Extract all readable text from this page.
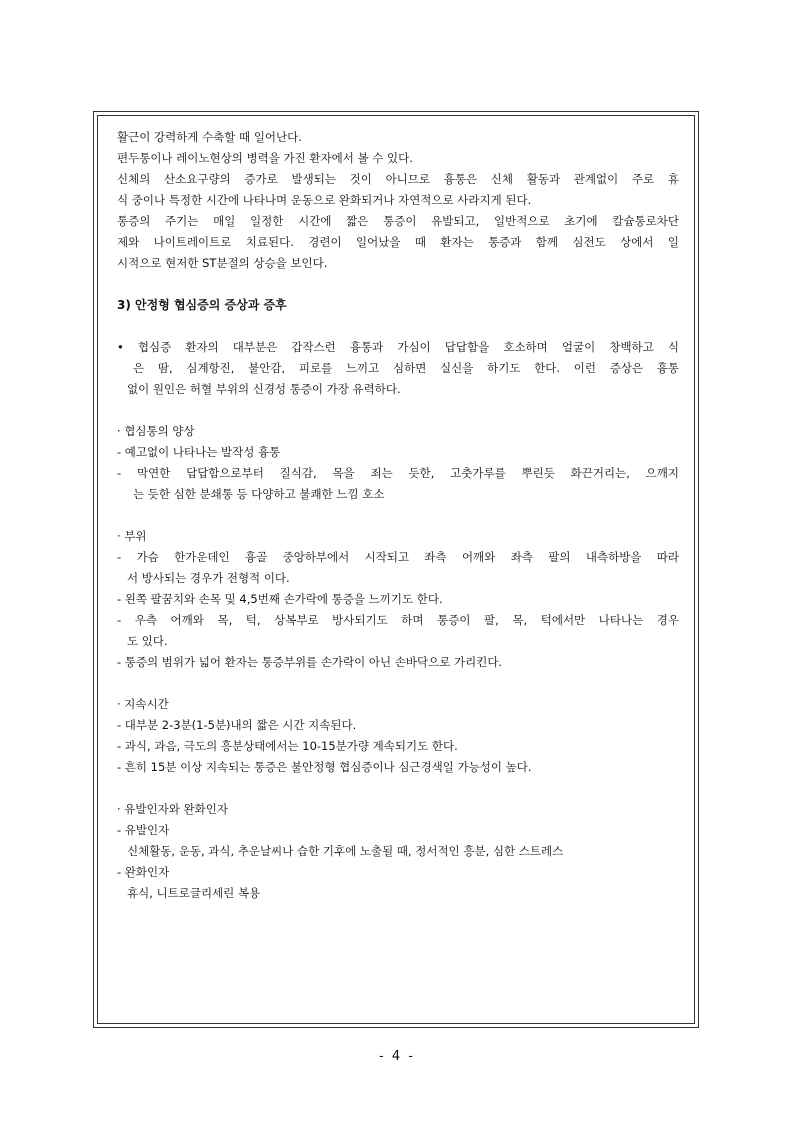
활근이 강력하게 수축할 때 일어난다.
편두통이나 레이노현상의 병력을 가진 환자에서 볼 수 있다.
신체의 산소요구량의 증가로 발생되는 것이 아니므로 흉통은 신체 활동과 관계없이 주로 휴
식 중이나 특정한 시간에 나타나며 운동으로 완화되거나 자연적으로 사라지게 된다.
통증의 주기는 매일 일정한 시간에 짧은 통증이 유발되고, 일반적으로 초기에 칼슘통로차단
제와 나이트레이트로 치료된다. 경련이 일어났을 때 환자는 통증과 함께 심전도 상에서 일
시적으로 현저한 ST분절의 상승을 보인다.
3) 안정형 협심증의 증상과 증후
• 협심증 환자의 대부분은 갑작스런 흉통과 가심이 답답함을 호소하며 얼굴이 창백하고 식
은 땀, 심계항진, 불안감, 피로를 느끼고 심하면 실신을 하기도 한다. 이런 증상은 흉통
없이 원인은 허혈 부위의 신경성 통증이 가장 유력하다.
· 협심통의 양상
- 예고없이 나타나는 발작성 흉통
- 막연한 답답함으로부터 질식감, 목을 죄는 듯한, 고춧가루를 뿌린듯 화끈거리는, 으깨지
는 듯한 심한 분쇄통 등 다양하고 불쾌한 느낌 호소
· 부위
- 가슴 한가운데인 흉골 중앙하부에서 시작되고 좌측 어깨와 좌측 팔의 내측하방을 따라
서 방사되는 경우가 전형적 이다.
- 왼쪽 팔꿈치와 손목 및 4,5번째 손가락에 통증을 느끼기도 한다.
- 우측 어깨와 목, 턱, 상복부로 방사되기도 하며 통증이 팔, 목, 턱에서만 나타나는 경우
도 있다.
- 통증의 범위가 넓어 환자는 통증부위를 손가락이 아닌 손바닥으로 가리킨다.
· 지속시간
- 대부분 2-3분(1-5분)내의 짧은 시간 지속된다.
- 과식, 과음, 극도의 흥분상태에서는 10-15분가량 계속되기도 한다.
- 흔히 15분 이상 지속되는 통증은 불안정형 협심증이나 심근경색일 가능성이 높다.
· 유발인자와 완화인자
- 유발인자
신체활동, 운동, 과식, 추운날씨나 습한 기후에 노출될 때, 정서적인 흥분, 심한 스트레스
- 완화인자
휴식, 니트로글리세린 복용
- 4 -
